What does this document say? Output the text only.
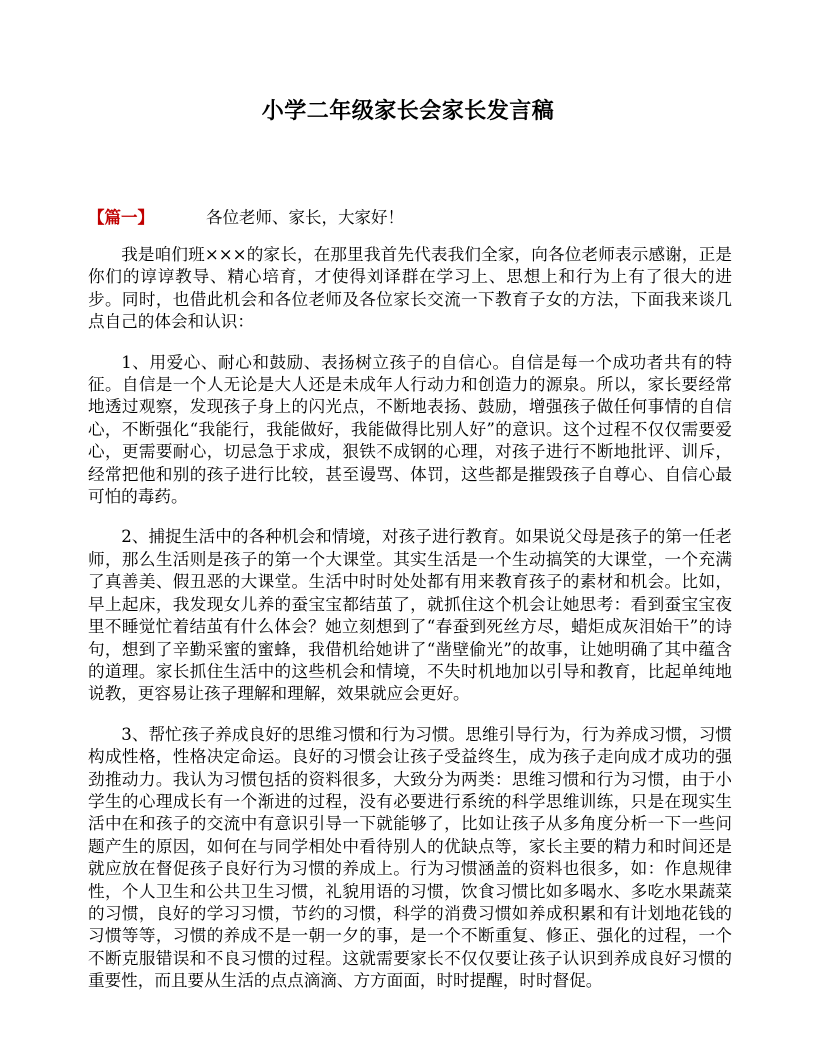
小学二年级家长会家长发言稿
【篇一】	各位老师、家长，大家好！

我是咱们班×××的家长，在那里我首先代表我们全家，向各位老师表示感谢，正是你们的谆谆教导、精心培育，才使得刘译群在学习上、思想上和行为上有了很大的进步。同时，也借此机会和各位老师及各位家长交流一下教育子女的方法，下面我来谈几点自己的体会和认识：

1、用爱心、耐心和鼓励、表扬树立孩子的自信心。自信是每一个成功者共有的特征。自信是一个人无论是大人还是未成年人行动力和创造力的源泉。所以，家长要经常地透过观察，发现孩子身上的闪光点，不断地表扬、鼓励，增强孩子做任何事情的自信心，不断强化“我能行，我能做好，我能做得比别人好”的意识。这个过程不仅仅需要爱心，更需要耐心，切忌急于求成，狠铁不成钢的心理，对孩子进行不断地批评、训斥，经常把他和别的孩子进行比较，甚至谩骂、体罚，这些都是摧毁孩子自尊心、自信心最可怕的毒药。

2、捕捉生活中的各种机会和情境，对孩子进行教育。如果说父母是孩子的第一任老师，那么生活则是孩子的第一个大课堂。其实生活是一个生动搞笑的大课堂，一个充满了真善美、假丑恶的大课堂。生活中时时处处都有用来教育孩子的素材和机会。比如，早上起床，我发现女儿养的蚕宝宝都结茧了，就抓住这个机会让她思考：看到蚕宝宝夜里不睡觉忙着结茧有什么体会？她立刻想到了“春蚕到死丝方尽，蜡炬成灰泪始干”的诗句，想到了辛勤采蜜的蜜蜂，我借机给她讲了“凿壁偷光”的故事，让她明确了其中蕴含的道理。家长抓住生活中的这些机会和情境，不失时机地加以引导和教育，比起单纯地说教，更容易让孩子理解和理解，效果就应会更好。

3、帮忙孩子养成良好的思维习惯和行为习惯。思维引导行为，行为养成习惯，习惯构成性格，性格决定命运。良好的习惯会让孩子受益终生，成为孩子走向成才成功的强劲推动力。我认为习惯包括的资料很多，大致分为两类：思维习惯和行为习惯，由于小学生的心理成长有一个渐进的过程，没有必要进行系统的科学思维训练，只是在现实生活中在和孩子的交流中有意识引导一下就能够了，比如让孩子从多角度分析一下一些问题产生的原因，如何在与同学相处中看待别人的优缺点等，家长主要的精力和时间还是就应放在督促孩子良好行为习惯的养成上。行为习惯涵盖的资料也很多，如：作息规律性，个人卫生和公共卫生习惯，礼貌用语的习惯，饮食习惯比如多喝水、多吃水果蔬菜的习惯，良好的学习习惯，节约的习惯，科学的消费习惯如养成积累和有计划地花钱的习惯等等，习惯的养成不是一朝一夕的事，是一个不断重复、修正、强化的过程，一个不断克服错误和不良习惯的过程。这就需要家长不仅仅要让孩子认识到养成良好习惯的重要性，而且要从生活的点点滴滴、方方面面，时时提醒，时时督促。
